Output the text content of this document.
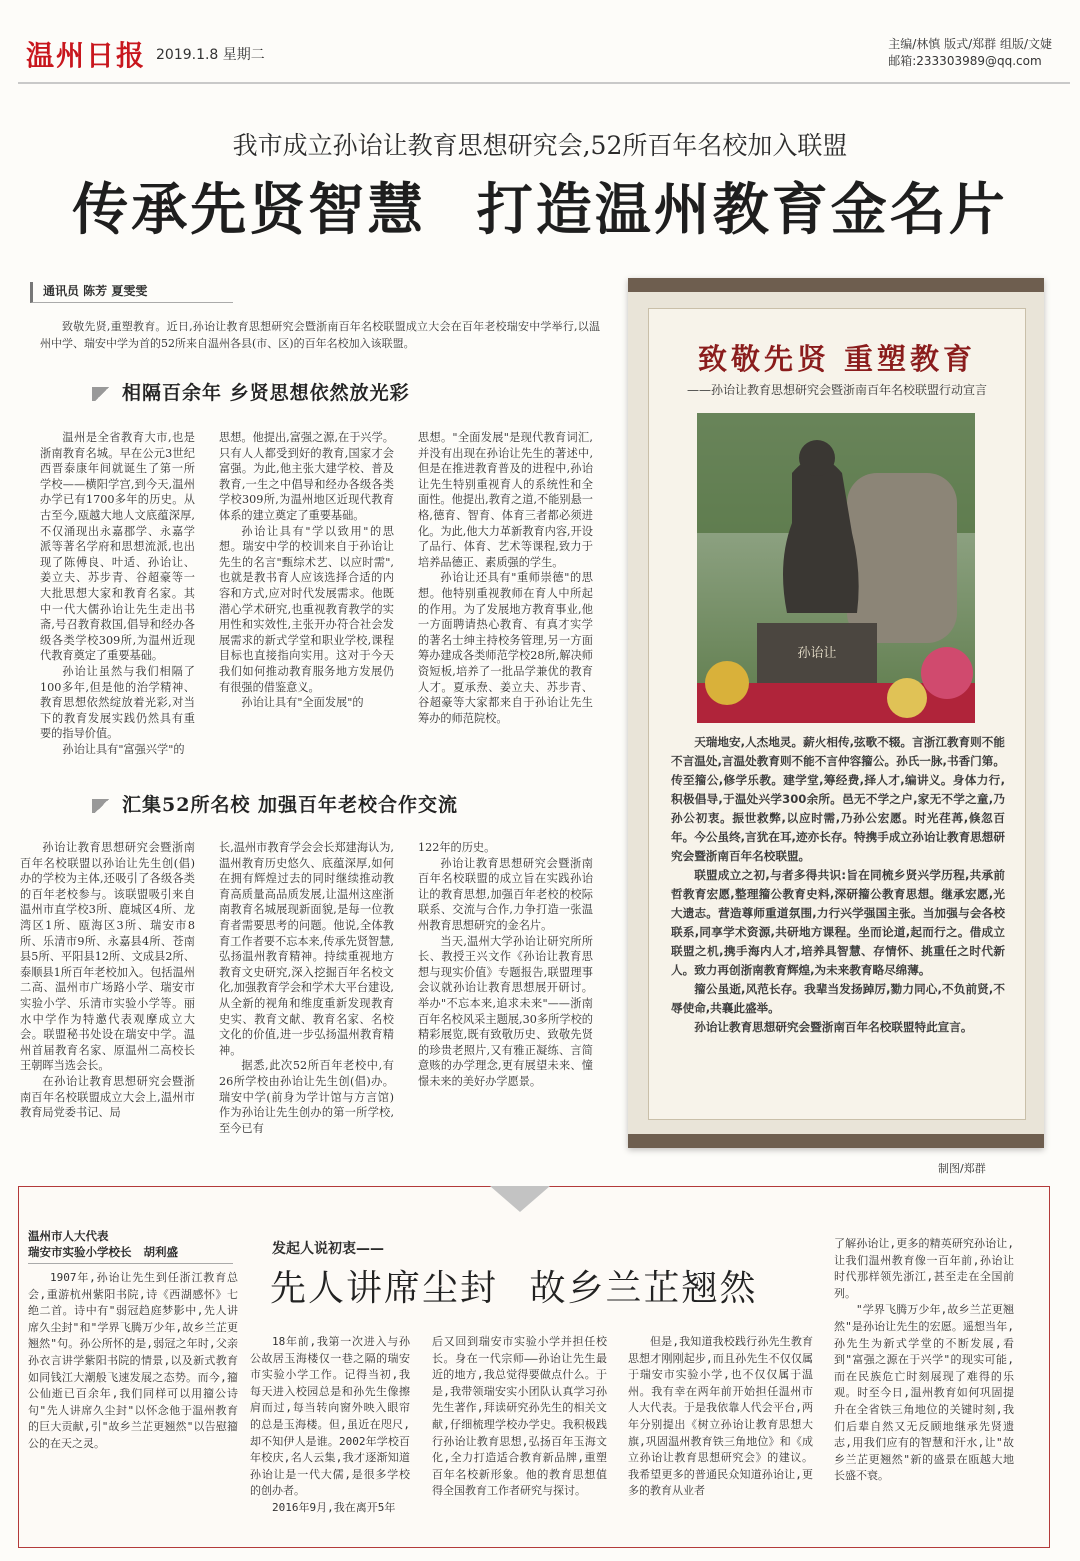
温州日报 2019.1.8 星期二
主编/林慎 版式/郑群 组版/文婕
邮箱:233303989@qq.com
我市成立孙诒让教育思想研究会,52所百年名校加入联盟
传承先贤智慧 打造温州教育金名片
通讯员 陈芳 夏雯雯

致敬先贤,重塑教育。近日,孙诒让教育思想研究会暨浙南百年名校联盟成立大会在百年老校瑞安中学举行,以温州中学、瑞安中学为首的52所来自温州各县(市、区)的百年名校加入该联盟。

相隔百余年 乡贤思想依然放光彩

温州是全省教育大市,也是浙南教育名城。早在公元3世纪西晋泰康年间就诞生了第一所学校——横阳学宫,到今天,温州办学已有1700多年的历史。从古至今,瓯越大地人文底蕴深厚,不仅涌现出永嘉郡学、永嘉学派等著名学府和思想流派,也出现了陈傅良、叶适、孙诒让、姜立夫、苏步青、谷超豪等一大批思想大家和教育名家。其中一代大儒孙诒让先生走出书斋,号召教育救国,倡导和经办各级各类学校309所,为温州近现代教育奠定了重要基础。

孙诒让虽然与我们相隔了100多年,但是他的治学精神、教育思想依然绽放着光彩,对当下的教育发展实践仍然具有重要的指导价值。

孙诒让具有"富强兴学"的

思想。他提出,富强之源,在于兴学。只有人人都受到好的教育,国家才会富强。为此,他主张大建学校、普及教育,一生之中倡导和经办各级各类学校309所,为温州地区近现代教育体系的建立奠定了重要基础。

孙诒让具有"学以致用"的思想。瑞安中学的校训来自于孙诒让先生的名言"甄综术艺、以应时需",也就是教书育人应该选择合适的内容和方式,应对时代发展需求。他既潜心学术研究,也重视教育教学的实用性和实效性,主张开办符合社会发展需求的新式学堂和职业学校,课程目标也直接指向实用。这对于今天我们如何推动教育服务地方发展仍有很强的借鉴意义。

孙诒让具有"全面发展"的

思想。"全面发展"是现代教育词汇,并没有出现在孙诒让先生的著述中,但是在推进教育普及的进程中,孙诒让先生特别重视育人的系统性和全面性。他提出,教育之道,不能别悬一格,德育、智育、体育三者都必须进化。为此,他大力革新教育内容,开设了品行、体育、艺术等课程,致力于培养品德正、素质强的学生。

孙诒让还具有"重师崇德"的思想。他特别重视教师在育人中所起的作用。为了发展地方教育事业,他一方面聘请热心教育、有真才实学的著名士绅主持校务管理,另一方面筹办建成各类师范学校28所,解决师资短板,培养了一批品学兼优的教育人才。夏承焘、姜立夫、苏步青、谷超豪等大家都来自于孙诒让先生筹办的师范院校。

汇集52所名校 加强百年老校合作交流

孙诒让教育思想研究会暨浙南百年名校联盟以孙诒让先生创(倡)办的学校为主体,还吸引了各级各类的百年老校参与。该联盟吸引来自温州市直学校3所、鹿城区4所、龙湾区1所、瓯海区3所、瑞安市8所、乐清市9所、永嘉县4所、苍南县5所、平阳县12所、文成县2所、泰顺县1所百年老校加入。包括温州二高、温州市广场路小学、瑞安市实验小学、乐清市实验小学等。丽水中学作为特邀代表观摩成立大会。联盟秘书处设在瑞安中学。温州首届教育名家、原温州二高校长王朝晖当选会长。

在孙诒让教育思想研究会暨浙南百年名校联盟成立大会上,温州市教育局党委书记、局

长,温州市教育学会会长郑建海认为,温州教育历史悠久、底蕴深厚,如何在拥有辉煌过去的同时继续推动教育高质量高品质发展,让温州这座浙南教育名城展现新面貌,是每一位教育者需要思考的问题。他说,全体教育工作者要不忘本来,传承先贤智慧,弘扬温州教育精神。持续重视地方教育文史研究,深入挖掘百年名校文化,加强教育学会和学术大平台建设,从全新的视角和维度重新发现教育史实、教育文献、教育名家、名校文化的价值,进一步弘扬温州教育精神。

据悉,此次52所百年老校中,有26所学校由孙诒让先生创(倡)办。瑞安中学(前身为学计馆与方言馆)作为孙诒让先生创办的第一所学校,至今已有

122年的历史。

孙诒让教育思想研究会暨浙南百年名校联盟的成立旨在实践孙诒让的教育思想,加强百年老校的校际联系、交流与合作,力争打造一张温州教育思想研究的金名片。

当天,温州大学孙诒让研究所所长、教授王兴文作《孙诒让教育思想与现实价值》专题报告,联盟理事会议就孙诒让教育思想展开研讨。举办"不忘本来,追求未来"——浙南百年名校风采主题展,30多所学校的精彩展览,既有致敬历史、致敬先贤的珍贵老照片,又有雅正凝练、言简意赅的办学理念,更有展望未来、憧憬未来的美好办学愿景。

致敬先贤 重塑教育
——孙诒让教育思想研究会暨浙南百年名校联盟行动宣言
孙诒让

天瑞地安,人杰地灵。薪火相传,弦歌不辍。言浙江教育则不能不言温处,言温处教育则不能不言仲容籀公。孙氏一脉,书香门第。传至籀公,修学乐教。建学堂,筹经费,择人才,编讲义。身体力行,积极倡导,于温处兴学300余所。邑无不学之户,家无不学之童,乃孙公初衷。振世救弊,以应时需,乃孙公宏愿。时光荏苒,倏忽百年。今公虽终,言犹在耳,迹亦长存。特携手成立孙诒让教育思想研究会暨浙南百年名校联盟。

联盟成立之初,与者多得共识:旨在同梳乡贤兴学历程,共承前哲教育宏愿,整理籀公教育史料,深研籀公教育思想。继承宏愿,光大遗志。营造尊师重道氛围,力行兴学强国主张。当加强与会各校联系,同享学术资源,共研地方课程。坐而论道,起而行之。借成立联盟之机,携手海内人才,培养具智慧、存情怀、挑重任之时代新人。致力再创浙南教育辉煌,为未来教育略尽绵薄。

籀公虽逝,风范长存。我辈当发扬踔厉,勠力同心,不负前贤,不辱使命,共襄此盛举。

孙诒让教育思想研究会暨浙南百年名校联盟特此宣言。

制图/郑群
温州市人大代表
瑞安市实验小学校长 胡利盛	发起人说初衷——
先人讲席尘封 故乡兰芷翘然

1907年,孙诒让先生到任浙江教育总会,重游杭州紫阳书院,诗《西湖感怀》七绝二首。诗中有"弱冠趋庭梦影中,先人讲席久尘封"和"学界飞腾万少年,故乡兰芷更翘然"句。孙公所怀的是,弱冠之年时,父亲孙衣言讲学紫阳书院的情景,以及新式教育如同钱江大潮般飞速发展之态势。而今,籀公仙逝已百余年,我们同样可以用籀公诗句"先人讲席久尘封"以怀念他于温州教育的巨大贡献,引"故乡兰芷更翘然"以告慰籀公的在天之灵。

18年前,我第一次进入与孙公故居玉海楼仅一巷之隔的瑞安市实验小学工作。记得当初,我每天进入校园总是和孙先生像擦肩而过,每当转向窗外映入眼帘的总是玉海楼。但,虽近在咫尺,却不知伊人是谁。2002年学校百年校庆,名人云集,我才逐渐知道孙诒让是一代大儒,是很多学校的创办者。

2016年9月,我在离开5年

后又回到瑞安市实验小学并担任校长。身在一代宗师——孙诒让先生最近的地方,我总觉得要做点什么。于是,我带领瑞安实小团队认真学习孙先生著作,拜读研究孙先生的相关文献,仔细梳理学校办学史。我积极践行孙诒让教育思想,弘扬百年玉海文化,全力打造适合教育新品牌,重塑百年名校新形象。他的教育思想值得全国教育工作者研究与探讨。

但是,我知道我校践行孙先生教育思想才刚刚起步,而且孙先生不仅仅属于瑞安市实验小学,也不仅仅属于温州。我有幸在两年前开始担任温州市人大代表。于是我依靠人代会平台,两年分别提出《树立孙诒让教育思想大旗,巩固温州教育铁三角地位》和《成立孙诒让教育思想研究会》的建议。我希望更多的普通民众知道孙诒让,更多的教育从业者

了解孙诒让,更多的精英研究孙诒让,让我们温州教育像一百年前,孙诒让时代那样领先浙江,甚至走在全国前列。

"学界飞腾万少年,故乡兰芷更翘然"是孙诒让先生的宏愿。遥想当年,孙先生为新式学堂的不断发展,看到"富强之源在于兴学"的现实可能,而在民族危亡时刻展现了难得的乐观。时至今日,温州教育如何巩固提升在全省铁三角地位的关键时刻,我们后辈自然又无反顾地继承先贤遗志,用我们应有的智慧和汗水,让"故乡兰芷更翘然"新的盛景在瓯越大地长盛不衰。
